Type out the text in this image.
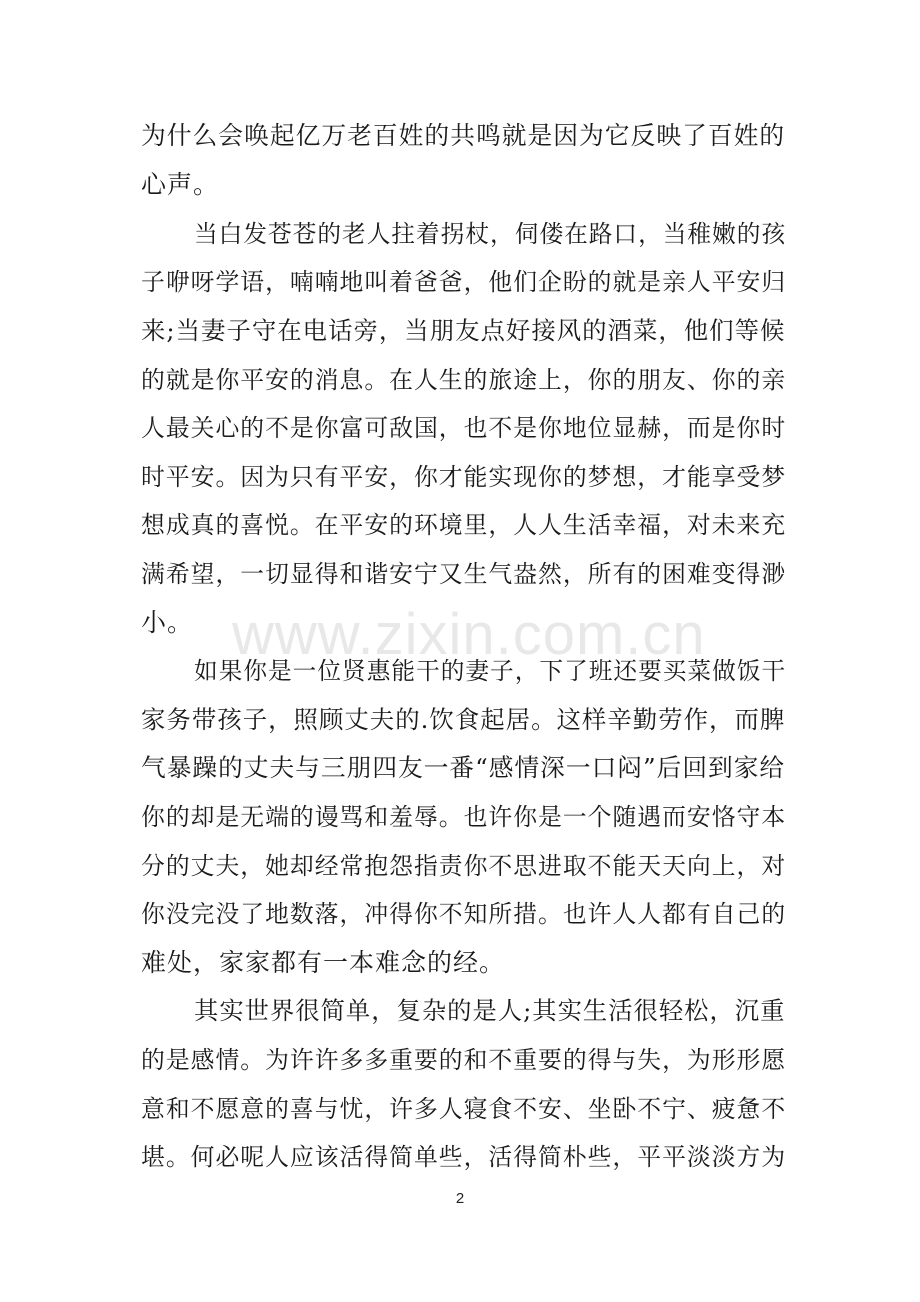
为什么会唤起亿万老百姓的共鸣就是因为它反映了百姓的
心声。
当白发苍苍的老人拄着拐杖，伺偻在路口，当稚嫩的孩
子咿呀学语，喃喃地叫着爸爸，他们企盼的就是亲人平安归
来;当妻子守在电话旁，当朋友点好接风的酒菜，他们等候
的就是你平安的消息。在人生的旅途上，你的朋友、你的亲
人最关心的不是你富可敌国，也不是你地位显赫，而是你时
时平安。因为只有平安，你才能实现你的梦想，才能享受梦
想成真的喜悦。在平安的环境里，人人生活幸福，对未来充
满希望，一切显得和谐安宁又生气盎然，所有的困难变得渺
小。
如果你是一位贤惠能干的妻子，下了班还要买菜做饭干
家务带孩子，照顾丈夫的.饮食起居。这样辛勤劳作，而脾
气暴躁的丈夫与三朋四友一番“感情深一口闷”后回到家给
你的却是无端的谩骂和羞辱。也许你是一个随遇而安恪守本
分的丈夫，她却经常抱怨指责你不思进取不能天天向上，对
你没完没了地数落，冲得你不知所措。也许人人都有自己的
难处，家家都有一本难念的经。
其实世界很简单，复杂的是人;其实生活很轻松，沉重
的是感情。为许许多多重要的和不重要的得与失，为形形愿
意和不愿意的喜与忧，许多人寝食不安、坐卧不宁、疲惫不
堪。何必呢人应该活得简单些，活得简朴些，平平淡淡方为
www.zixin.com.cn
2
